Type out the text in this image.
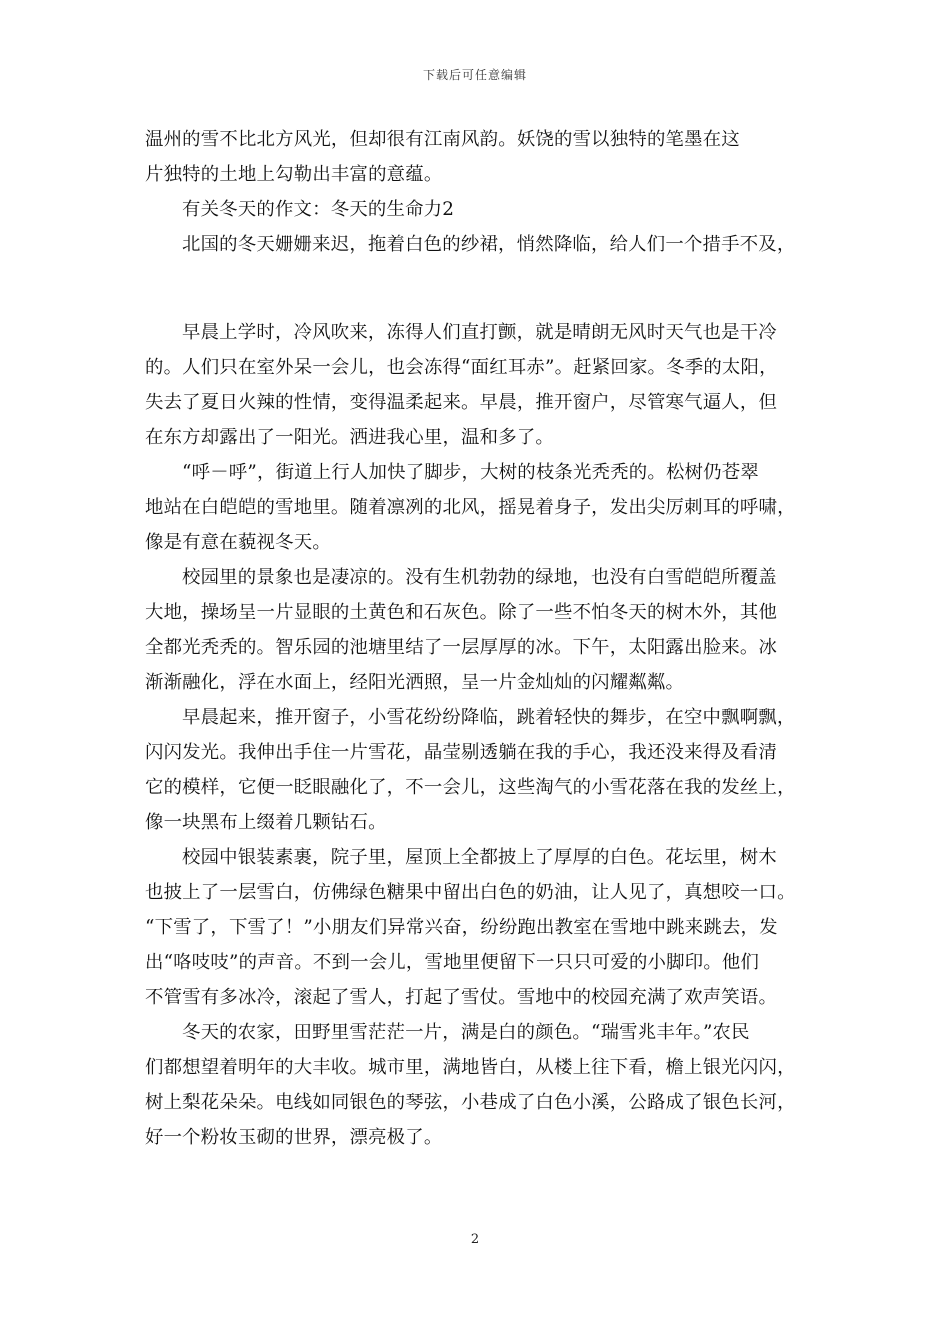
下载后可任意编辑
温州的雪不比北方风光，但却很有江南风韵。妖饶的雪以独特的笔墨在这
片独特的土地上勾勒出丰富的意蕴。
有关冬天的作文：冬天的生命力2
北国的冬天姗姗来迟，拖着白色的纱裙，悄然降临，给人们一个措手不及，
早晨上学时，冷风吹来，冻得人们直打颤，就是晴朗无风时天气也是干冷
的。人们只在室外呆一会儿，也会冻得“面红耳赤”。赶紧回家。冬季的太阳，
失去了夏日火辣的性情，变得温柔起来。早晨，推开窗户，尽管寒气逼人，但
在东方却露出了一阳光。洒进我心里，温和多了。
“呼－呼”，街道上行人加快了脚步，大树的枝条光秃秃的。松树仍苍翠
地站在白皑皑的雪地里。随着凛冽的北风，摇晃着身子，发出尖厉刺耳的呼啸，
像是有意在藐视冬天。
校园里的景象也是凄凉的。没有生机勃勃的绿地，也没有白雪皑皑所覆盖
大地，操场呈一片显眼的土黄色和石灰色。除了一些不怕冬天的树木外，其他
全都光秃秃的。智乐园的池塘里结了一层厚厚的冰。下午，太阳露出脸来。冰
渐渐融化，浮在水面上，经阳光洒照，呈一片金灿灿的闪耀粼粼。
早晨起来，推开窗子，小雪花纷纷降临，跳着轻快的舞步，在空中飘啊飘，
闪闪发光。我伸出手住一片雪花，晶莹剔透躺在我的手心，我还没来得及看清
它的模样，它便一眨眼融化了，不一会儿，这些淘气的小雪花落在我的发丝上，
像一块黑布上缀着几颗钻石。
校园中银装素裹，院子里，屋顶上全都披上了厚厚的白色。花坛里，树木
也披上了一层雪白，仿佛绿色糖果中留出白色的奶油，让人见了，真想咬一口。
“下雪了，下雪了！”小朋友们异常兴奋，纷纷跑出教室在雪地中跳来跳去，发
出“咯吱吱”的声音。不到一会儿，雪地里便留下一只只可爱的小脚印。他们
不管雪有多冰冷，滚起了雪人，打起了雪仗。雪地中的校园充满了欢声笑语。
冬天的农家，田野里雪茫茫一片，满是白的颜色。“瑞雪兆丰年。”农民
们都想望着明年的大丰收。城市里，满地皆白，从楼上往下看，檐上银光闪闪，
树上梨花朵朵。电线如同银色的琴弦，小巷成了白色小溪，公路成了银色长河，
好一个粉妆玉砌的世界，漂亮极了。
2
